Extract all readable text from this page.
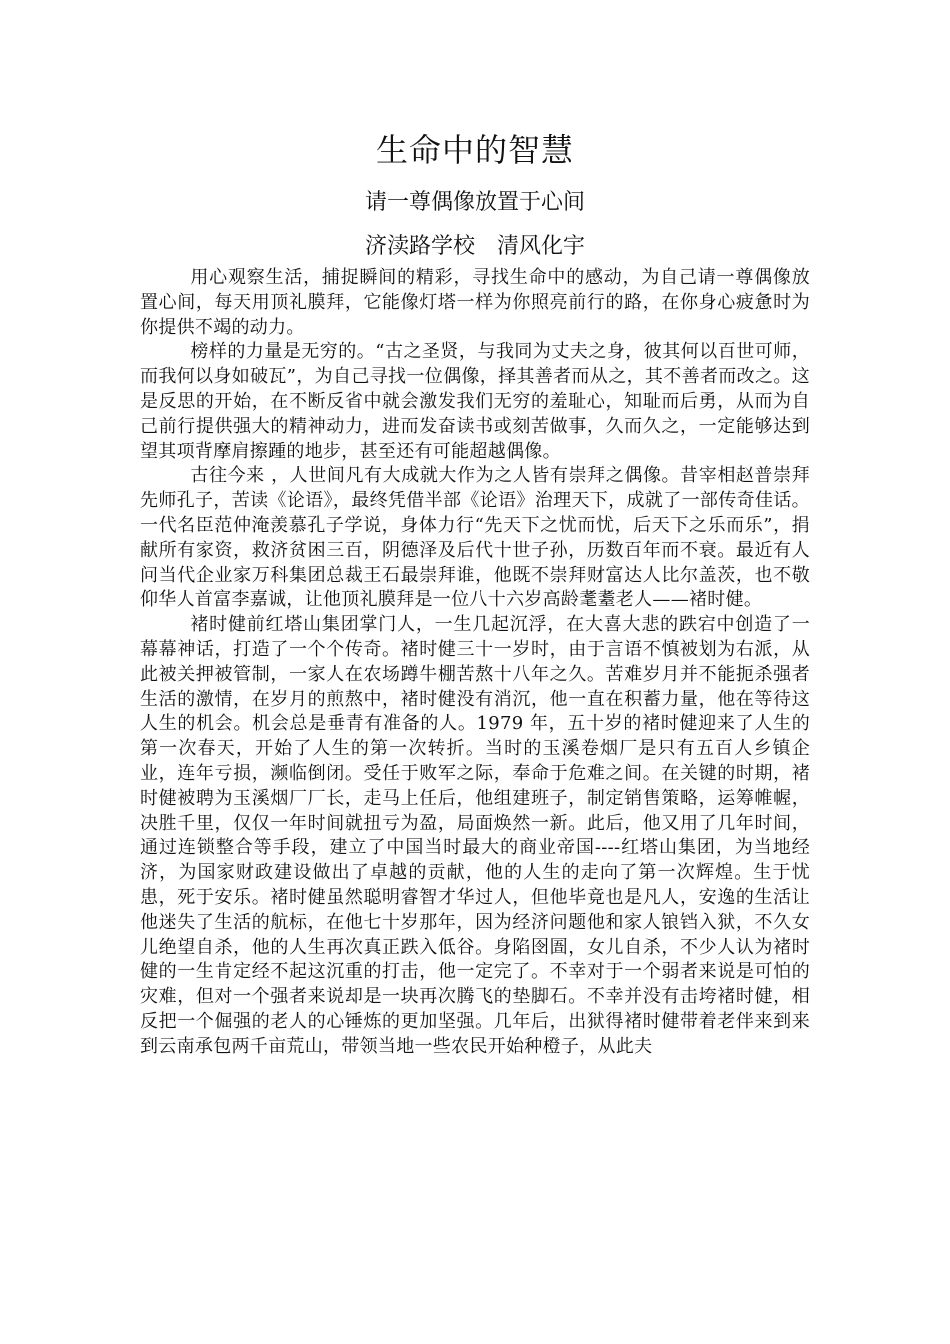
生命中的智慧
请一尊偶像放置于心间
济渎路学校 清风化宇

用心观察生活，捕捉瞬间的精彩，寻找生命中的感动，为自己请一尊偶像放置心间，每天用顶礼膜拜，它能像灯塔一样为你照亮前行的路，在你身心疲惫时为你提供不竭的动力。

榜样的力量是无穷的。“古之圣贤，与我同为丈夫之身，彼其何以百世可师，而我何以身如破瓦”，为自己寻找一位偶像，择其善者而从之，其不善者而改之。这是反思的开始，在不断反省中就会激发我们无穷的羞耻心，知耻而后勇，从而为自己前行提供强大的精神动力，进而发奋读书或刻苦做事，久而久之，一定能够达到望其项背摩肩擦踵的地步，甚至还有可能超越偶像。

古往今来 ，人世间凡有大成就大作为之人皆有崇拜之偶像。昔宰相赵普崇拜先师孔子，苦读《论语》，最终凭借半部《论语》治理天下，成就了一部传奇佳话。一代名臣范仲淹羡慕孔子学说，身体力行“先天下之忧而忧，后天下之乐而乐”，捐献所有家资，救济贫困三百，阴德泽及后代十世子孙，历数百年而不衰。最近有人问当代企业家万科集团总裁王石最崇拜谁，他既不崇拜财富达人比尔盖茨，也不敬仰华人首富李嘉诚，让他顶礼膜拜是一位八十六岁高龄耄耋老人——褚时健。

褚时健前红塔山集团掌门人，一生几起沉浮，在大喜大悲的跌宕中创造了一幕幕神话，打造了一个个传奇。褚时健三十一岁时，由于言语不慎被划为右派，从此被关押被管制，一家人在农场蹲牛棚苦熬十八年之久。苦难岁月并不能扼杀强者生活的激情，在岁月的煎熬中，褚时健没有消沉，他一直在积蓄力量，他在等待这人生的机会。机会总是垂青有准备的人。1979 年，五十岁的褚时健迎来了人生的第一次春天，开始了人生的第一次转折。当时的玉溪卷烟厂是只有五百人乡镇企业，连年亏损，濒临倒闭。受任于败军之际，奉命于危难之间。在关键的时期，褚时健被聘为玉溪烟厂厂长，走马上任后，他组建班子，制定销售策略，运筹帷幄，决胜千里，仅仅一年时间就扭亏为盈，局面焕然一新。此后，他又用了几年时间，通过连锁整合等手段，建立了中国当时最大的商业帝国----红塔山集团，为当地经济，为国家财政建设做出了卓越的贡献，他的人生的走向了第一次辉煌。生于忧患，死于安乐。褚时健虽然聪明睿智才华过人，但他毕竟也是凡人，安逸的生活让他迷失了生活的航标，在他七十岁那年，因为经济问题他和家人锒铛入狱，不久女儿绝望自杀，他的人生再次真正跌入低谷。身陷囹圄，女儿自杀，不少人认为褚时健的一生肯定经不起这沉重的打击，他一定完了。不幸对于一个弱者来说是可怕的灾难，但对一个强者来说却是一块再次腾飞的垫脚石。不幸并没有击垮褚时健，相反把一个倔强的老人的心锤炼的更加坚强。几年后，出狱得褚时健带着老伴来到来到云南承包两千亩荒山，带领当地一些农民开始种橙子，从此夫
